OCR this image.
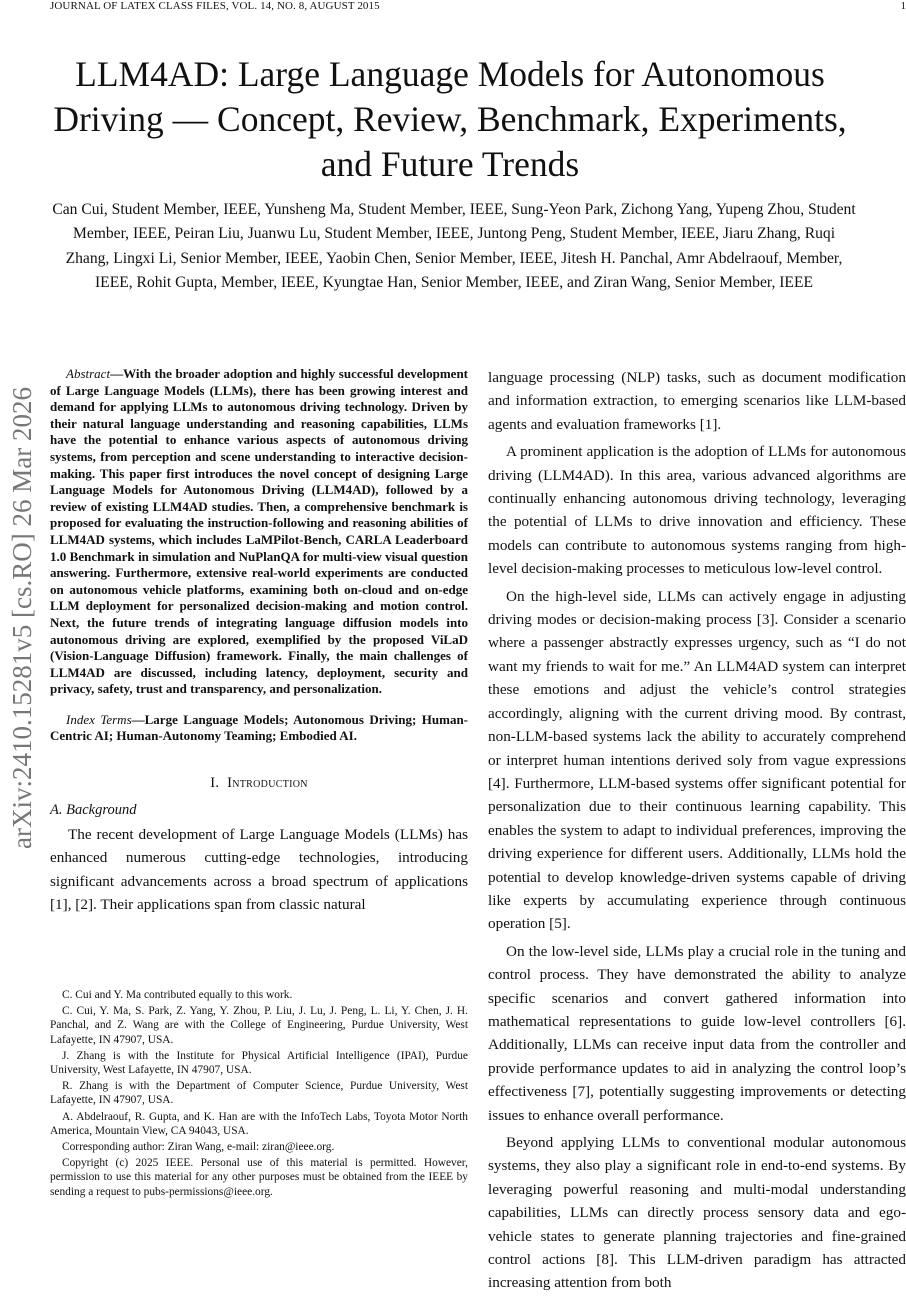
JOURNAL OF LATEX CLASS FILES, VOL. 14, NO. 8, AUGUST 2015	1
arXiv:2410.15281v5 [cs.RO] 26 Mar 2026
LLM4AD: Large Language Models for Autonomous Driving — Concept, Review, Benchmark, Experiments, and Future Trends
Can Cui, Student Member, IEEE, Yunsheng Ma, Student Member, IEEE, Sung-Yeon Park, Zichong Yang, Yupeng Zhou, Student Member, IEEE, Peiran Liu, Juanwu Lu, Student Member, IEEE, Juntong Peng, Student Member, IEEE, Jiaru Zhang, Ruqi Zhang, Lingxi Li, Senior Member, IEEE, Yaobin Chen, Senior Member, IEEE, Jitesh H. Panchal, Amr Abdelraouf, Member, IEEE, Rohit Gupta, Member, IEEE, Kyungtae Han, Senior Member, IEEE, and Ziran Wang, Senior Member, IEEE

Abstract—With the broader adoption and highly successful development of Large Language Models (LLMs), there has been growing interest and demand for applying LLMs to autonomous driving technology. Driven by their natural language understanding and reasoning capabilities, LLMs have the potential to enhance various aspects of autonomous driving systems, from perception and scene understanding to interactive decision-making. This paper first introduces the novel concept of designing Large Language Models for Autonomous Driving (LLM4AD), followed by a review of existing LLM4AD studies. Then, a comprehensive benchmark is proposed for evaluating the instruction-following and reasoning abilities of LLM4AD systems, which includes LaMPilot-Bench, CARLA Leaderboard 1.0 Benchmark in simulation and NuPlanQA for multi-view visual question answering. Furthermore, extensive real-world experiments are conducted on autonomous vehicle platforms, examining both on-cloud and on-edge LLM deployment for personalized decision-making and motion control. Next, the future trends of integrating language diffusion models into autonomous driving are explored, exemplified by the proposed ViLaD (Vision-Language Diffusion) framework. Finally, the main challenges of LLM4AD are discussed, including latency, deployment, security and privacy, safety, trust and transparency, and personalization.

Index Terms—Large Language Models; Autonomous Driving; Human-Centric AI; Human-Autonomy Teaming; Embodied AI.

I. Introduction
A. Background

The recent development of Large Language Models (LLMs) has enhanced numerous cutting-edge technologies, introducing significant advancements across a broad spectrum of applications [1], [2]. Their applications span from classic natural

C. Cui and Y. Ma contributed equally to this work.

C. Cui, Y. Ma, S. Park, Z. Yang, Y. Zhou, P. Liu, J. Lu, J. Peng, L. Li, Y. Chen, J. H. Panchal, and Z. Wang are with the College of Engineering, Purdue University, West Lafayette, IN 47907, USA.

J. Zhang is with the Institute for Physical Artificial Intelligence (IPAI), Purdue University, West Lafayette, IN 47907, USA.

R. Zhang is with the Department of Computer Science, Purdue University, West Lafayette, IN 47907, USA.

A. Abdelraouf, R. Gupta, and K. Han are with the InfoTech Labs, Toyota Motor North America, Mountain View, CA 94043, USA.

Corresponding author: Ziran Wang, e-mail: ziran@ieee.org.

Copyright (c) 2025 IEEE. Personal use of this material is permitted. However, permission to use this material for any other purposes must be obtained from the IEEE by sending a request to pubs-permissions@ieee.org.

language processing (NLP) tasks, such as document modification and information extraction, to emerging scenarios like LLM-based agents and evaluation frameworks [1].

A prominent application is the adoption of LLMs for autonomous driving (LLM4AD). In this area, various advanced algorithms are continually enhancing autonomous driving technology, leveraging the potential of LLMs to drive innovation and efficiency. These models can contribute to autonomous systems ranging from high-level decision-making processes to meticulous low-level control.

On the high-level side, LLMs can actively engage in adjusting driving modes or decision-making process [3]. Consider a scenario where a passenger abstractly expresses urgency, such as “I do not want my friends to wait for me.” An LLM4AD system can interpret these emotions and adjust the vehicle’s control strategies accordingly, aligning with the current driving mood. By contrast, non-LLM-based systems lack the ability to accurately comprehend or interpret human intentions derived soly from vague expressions [4]. Furthermore, LLM-based systems offer significant potential for personalization due to their continuous learning capability. This enables the system to adapt to individual preferences, improving the driving experience for different users. Additionally, LLMs hold the potential to develop knowledge-driven systems capable of driving like experts by accumulating experience through continuous operation [5].

On the low-level side, LLMs play a crucial role in the tuning and control process. They have demonstrated the ability to analyze specific scenarios and convert gathered information into mathematical representations to guide low-level controllers [6]. Additionally, LLMs can receive input data from the controller and provide performance updates to aid in analyzing the control loop’s effectiveness [7], potentially suggesting improvements or detecting issues to enhance overall performance.

Beyond applying LLMs to conventional modular autonomous systems, they also play a significant role in end-to-end systems. By leveraging powerful reasoning and multi-modal understanding capabilities, LLMs can directly process sensory data and ego-vehicle states to generate planning trajectories and fine-grained control actions [8]. This LLM-driven paradigm has attracted increasing attention from both
